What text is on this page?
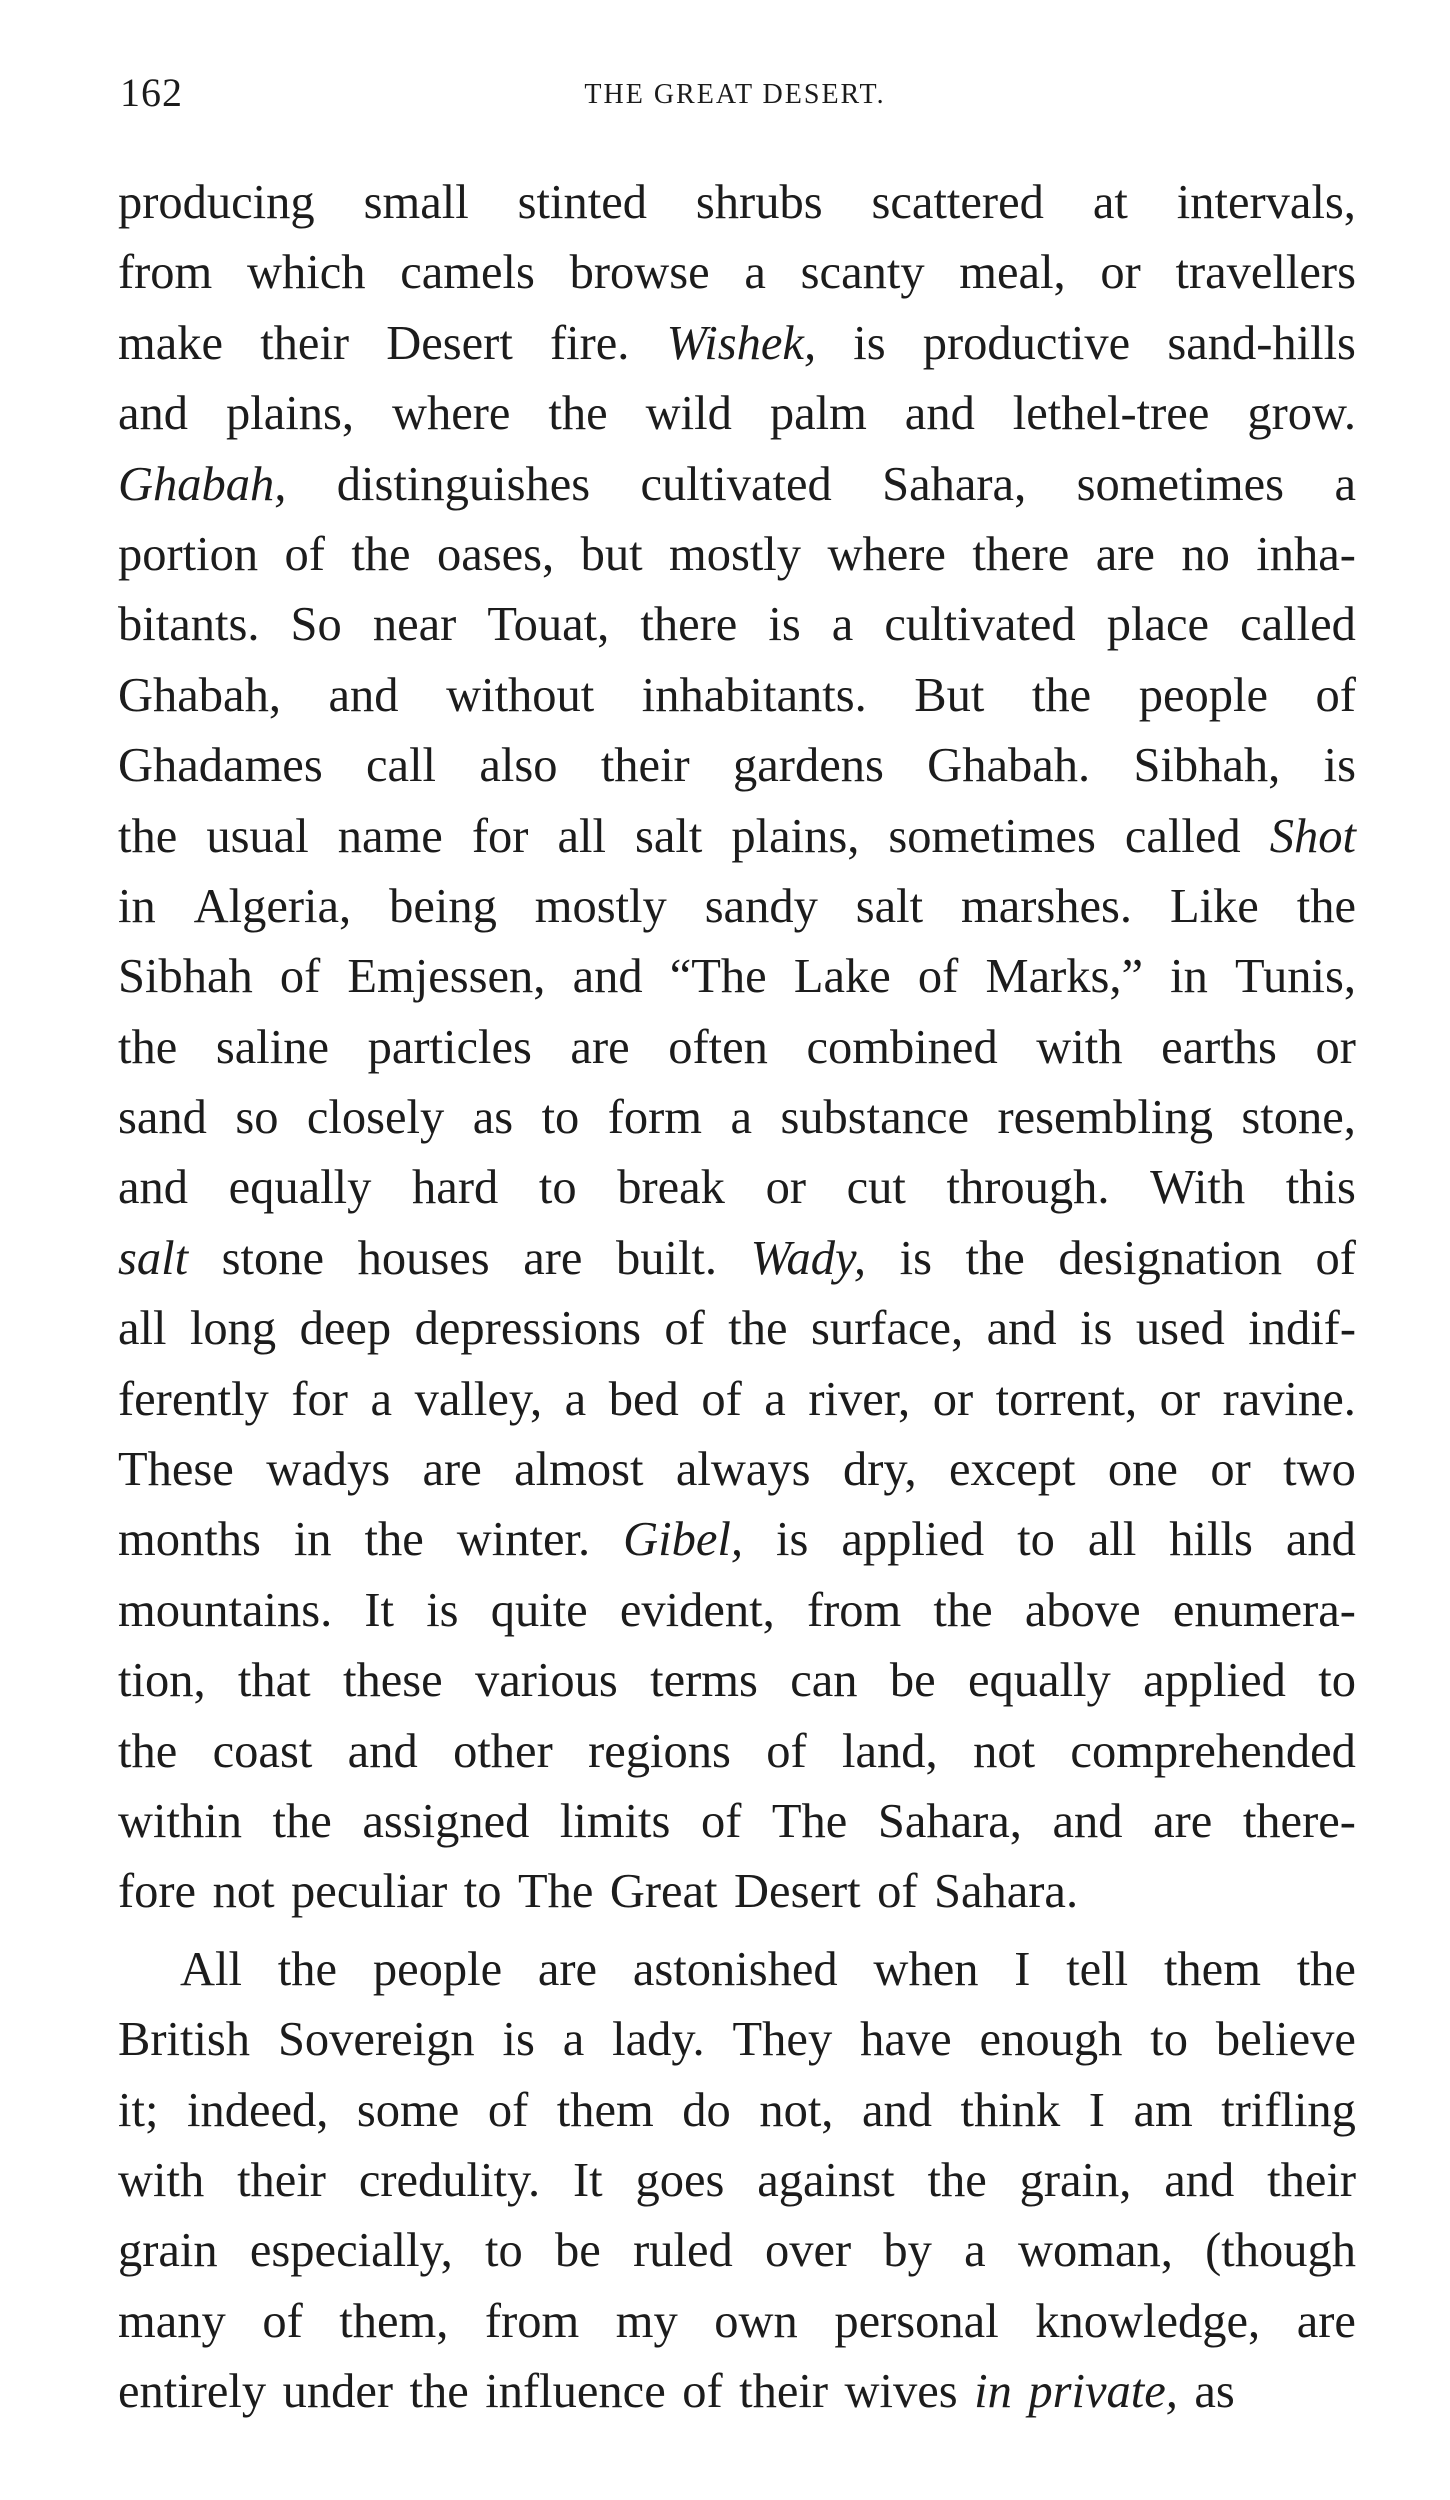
162	THE GREAT DESERT.
producing small stinted shrubs scattered at intervals,
from which camels browse a scanty meal, or travellers
make their Desert fire. Wishek, is productive sand-hills
and plains, where the wild palm and lethel-tree grow.
Ghabah, distinguishes cultivated Sahara, sometimes a
portion of the oases, but mostly where there are no inha-
bitants. So near Touat, there is a cultivated place called
Ghabah, and without inhabitants. But the people of
Ghadames call also their gardens Ghabah. Sibhah, is
the usual name for all salt plains, sometimes called Shot
in Algeria, being mostly sandy salt marshes. Like the
Sibhah of Emjessen, and “The Lake of Marks,” in Tunis,
the saline particles are often combined with earths or
sand so closely as to form a substance resembling stone,
and equally hard to break or cut through. With this
salt stone houses are built. Wady, is the designation of
all long deep depressions of the surface, and is used indif-
ferently for a valley, a bed of a river, or torrent, or ravine.
These wadys are almost always dry, except one or two
months in the winter. Gibel, is applied to all hills and
mountains. It is quite evident, from the above enumera-
tion, that these various terms can be equally applied to
the coast and other regions of land, not comprehended
within the assigned limits of The Sahara, and are there-
fore not peculiar to The Great Desert of Sahara.
All the people are astonished when I tell them the
British Sovereign is a lady. They have enough to believe
it; indeed, some of them do not, and think I am trifling
with their credulity. It goes against the grain, and their
grain especially, to be ruled over by a woman, (though
many of them, from my own personal knowledge, are
entirely under the influence of their wives in private, as
